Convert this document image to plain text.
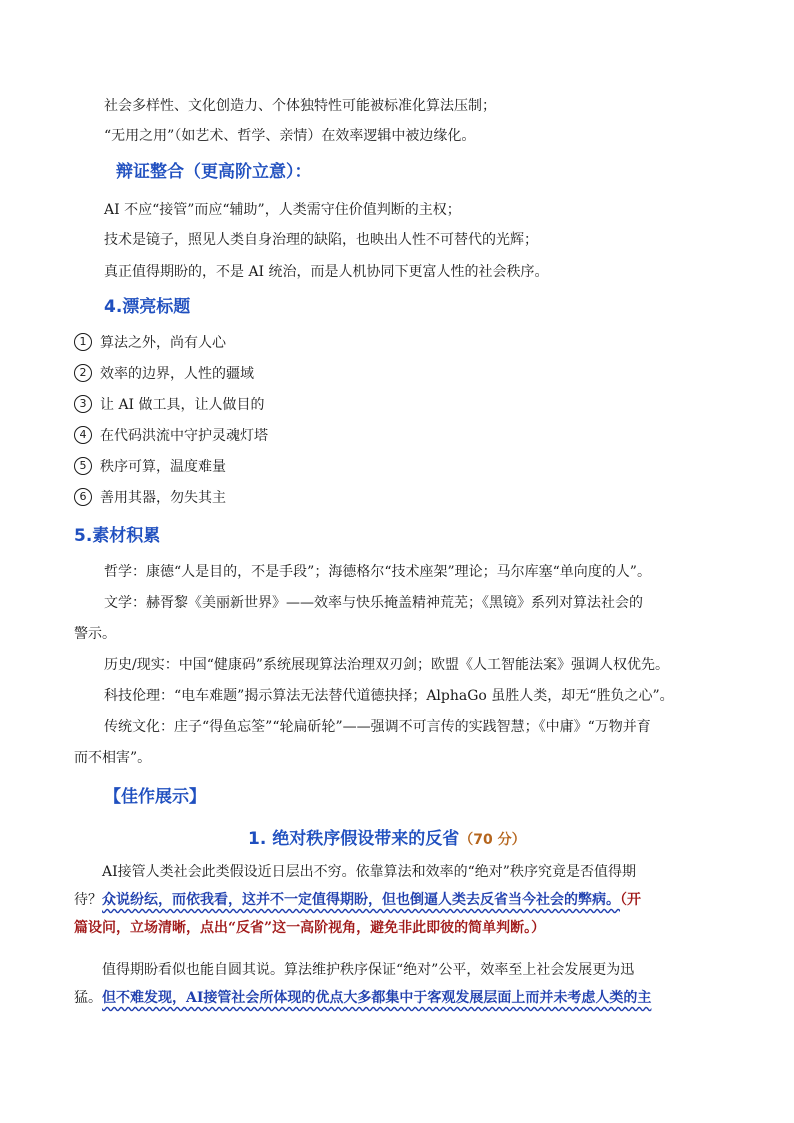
社会多样性、文化创造力、个体独特性可能被标准化算法压制；
“无用之用”（如艺术、哲学、亲情）在效率逻辑中被边缘化。
辩证整合（更高阶立意）：
AI 不应“接管”而应“辅助”，人类需守住价值判断的主权；
技术是镜子，照见人类自身治理的缺陷，也映出人性不可替代的光辉；
真正值得期盼的，不是 AI 统治，而是人机协同下更富人性的社会秩序。
4.漂亮标题
1 算法之外，尚有人心
2 效率的边界，人性的疆域
3 让 AI 做工具，让人做目的
4 在代码洪流中守护灵魂灯塔
5 秩序可算，温度难量
6 善用其器，勿失其主
5.素材积累
哲学：康德“人是目的，不是手段”；海德格尔“技术座架”理论；马尔库塞“单向度的人”。
文学：赫胥黎《美丽新世界》——效率与快乐掩盖精神荒芜；《黑镜》系列对算法社会的
警示。
历史/现实：中国“健康码”系统展现算法治理双刃剑；欧盟《人工智能法案》强调人权优先。
科技伦理：“电车难题”揭示算法无法替代道德抉择；AlphaGo 虽胜人类，却无“胜负之心”。
传统文化：庄子“得鱼忘筌”“轮扁斫轮”——强调不可言传的实践智慧；《中庸》“万物并育
而不相害”。
【佳作展示】
1. 绝对秩序假设带来的反省（70 分）
AI接管人类社会此类假设近日层出不穷。依靠算法和效率的“绝对”秩序究竟是否值得期
待？众说纷纭，而依我看，这并不一定值得期盼，但也倒逼人类去反省当今社会的弊病。（开
篇设问，立场清晰，点出“反省”这一高阶视角，避免非此即彼的简单判断。）
值得期盼看似也能自圆其说。算法维护秩序保证“绝对”公平，效率至上社会发展更为迅
猛。但不难发现，AI接管社会所体现的优点大多都集中于客观发展层面上而并未考虑人类的主
